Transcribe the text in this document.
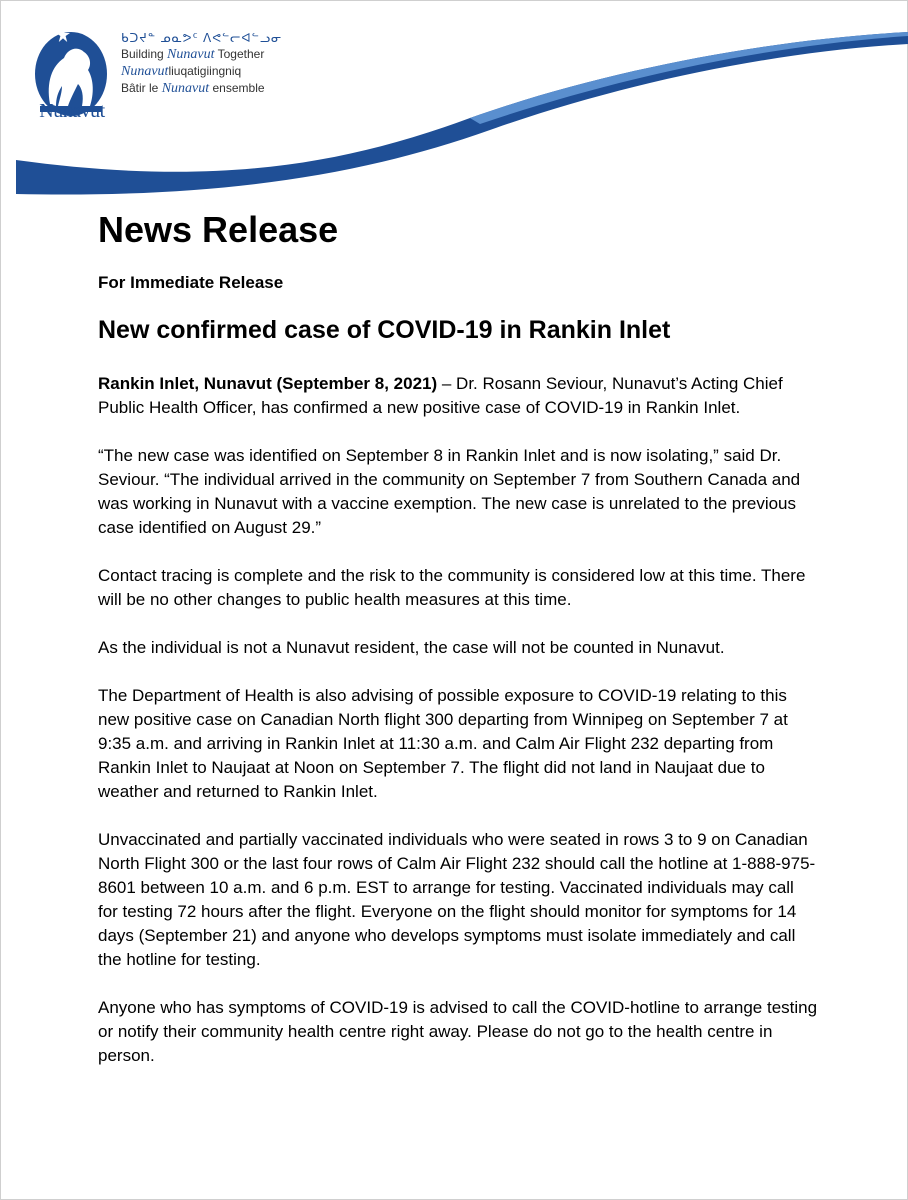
Nunavut
ᑲᑐᔪᓐ ᓄᓇᕗᑦ ᐱᕙᓪᓕᐊᓪᓗᓂ
Building Nunavut Together
Nunavutliuqatigiingniq
Bâtir le Nunavut ensemble
News Release
For Immediate Release
New confirmed case of COVID-19 in Rankin Inlet
Rankin Inlet, Nunavut (September 8, 2021) – Dr. Rosann Seviour, Nunavut’s Acting Chief Public Health Officer, has confirmed a new positive case of COVID-19 in Rankin Inlet.
“The new case was identified on September 8 in Rankin Inlet and is now isolating,” said Dr. Seviour. “The individual arrived in the community on September 7 from Southern Canada and was working in Nunavut with a vaccine exemption. The new case is unrelated to the previous case identified on August 29.”
Contact tracing is complete and the risk to the community is considered low at this time. There will be no other changes to public health measures at this time.
As the individual is not a Nunavut resident, the case will not be counted in Nunavut.
The Department of Health is also advising of possible exposure to COVID-19 relating to this new positive case on Canadian North flight 300 departing from Winnipeg on September 7 at 9:35 a.m. and arriving in Rankin Inlet at 11:30 a.m. and Calm Air Flight 232 departing from Rankin Inlet to Naujaat at Noon on September 7. The flight did not land in Naujaat due to weather and returned to Rankin Inlet.
Unvaccinated and partially vaccinated individuals who were seated in rows 3 to 9 on Canadian North Flight 300 or the last four rows of Calm Air Flight 232 should call the hotline at 1-888-975-8601 between 10 a.m. and 6 p.m. EST to arrange for testing. Vaccinated individuals may call for testing 72 hours after the flight. Everyone on the flight should monitor for symptoms for 14 days (September 21) and anyone who develops symptoms must isolate immediately and call the hotline for testing.
Anyone who has symptoms of COVID-19 is advised to call the COVID-hotline to arrange testing or notify their community health centre right away. Please do not go to the health centre in person.
